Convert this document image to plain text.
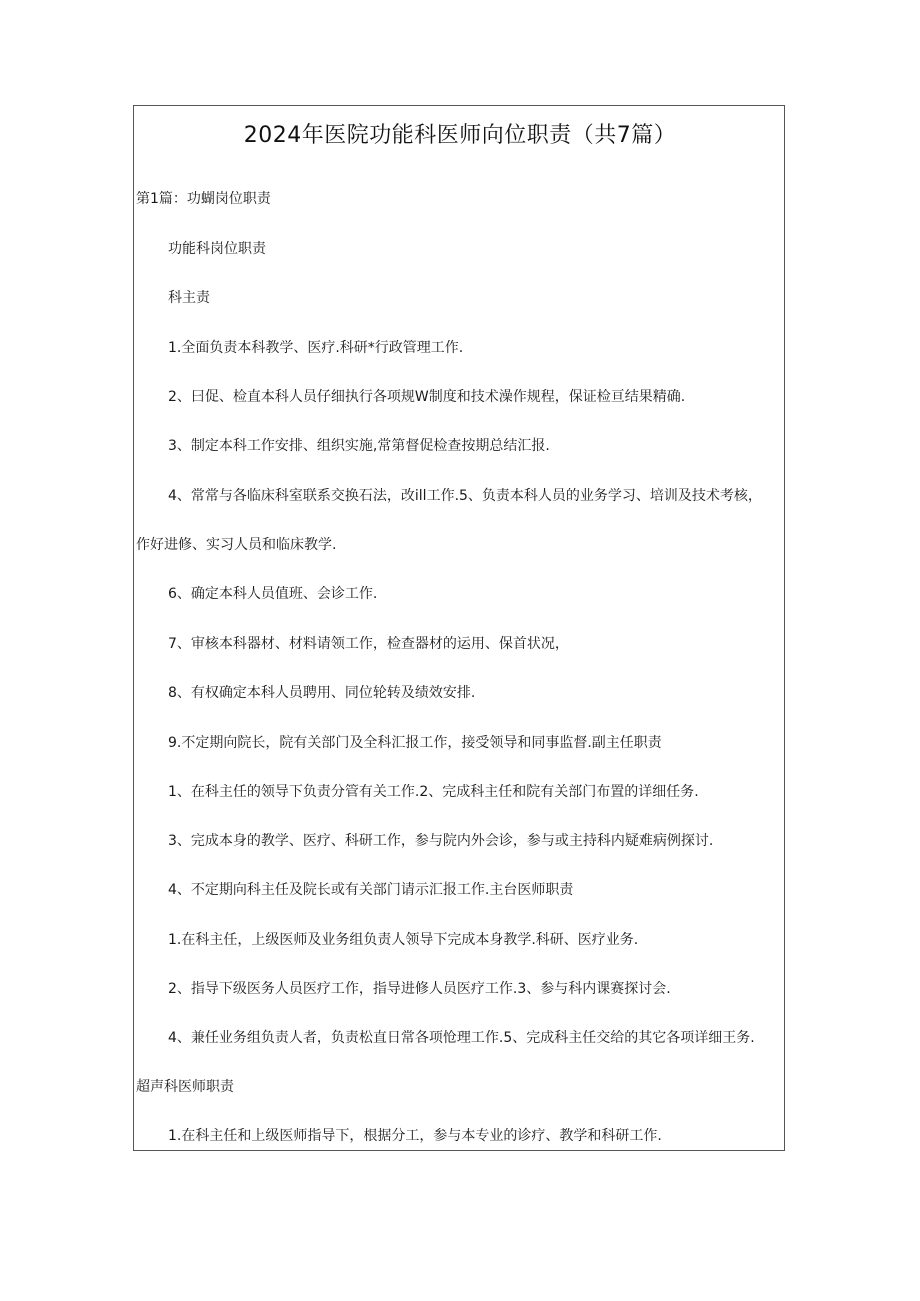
2024年医院功能科医师向位职责（共7篇）

第1篇：功蝴岗位职责

功能科岗位职责

科主责

1.全面负责本科教学、医疗.科研*行政管理工作.

2、曰促、检直本科人员仔细执行各项规W制度和技术澡作规程，保证检亘结果精确.

3、制定本科工作安排、组织实施,常第督促检查按期总结汇报.

4、常常与各临床科室联系交换石法，改ill工作.5、负责本科人员的业务学习、培训及技术考核，

作好进修、实习人员和临床教学.

6、确定本科人员值班、会诊工作.

7、审核本科器材、材料请领工作，检查器材的运用、保首状况，

8、有权确定本科人员聘用、同位轮转及绩效安排.

9.不定期向院长，院有关部门及全科汇报工作，接受领导和同事监督.副主任职责

1、在科主任的领导下负责分管有关工作.2、完成科主任和院有关部门布置的详细任务.

3、完成本身的教学、医疗、科研工作，参与院内外会诊，参与或主持科内疑难病例探讨.

4、不定期向科主任及院长或有关部门请示汇报工作.主台医师职责

1.在科主任，上级医师及业务组负责人领导下完成本身教学.科研、医疗业务.

2、指导下级医务人员医疗工作，指导进修人员医疗工作.3、参与科内课赛探讨会.

4、兼任业务组负责人者，负责松直日常各项怆理工作.5、完成科主任交给的其它各项详细王务.

超声科医师职责

1.在科主任和上级医师指导下，根据分工，参与本专业的诊疗、教学和科研工作.
